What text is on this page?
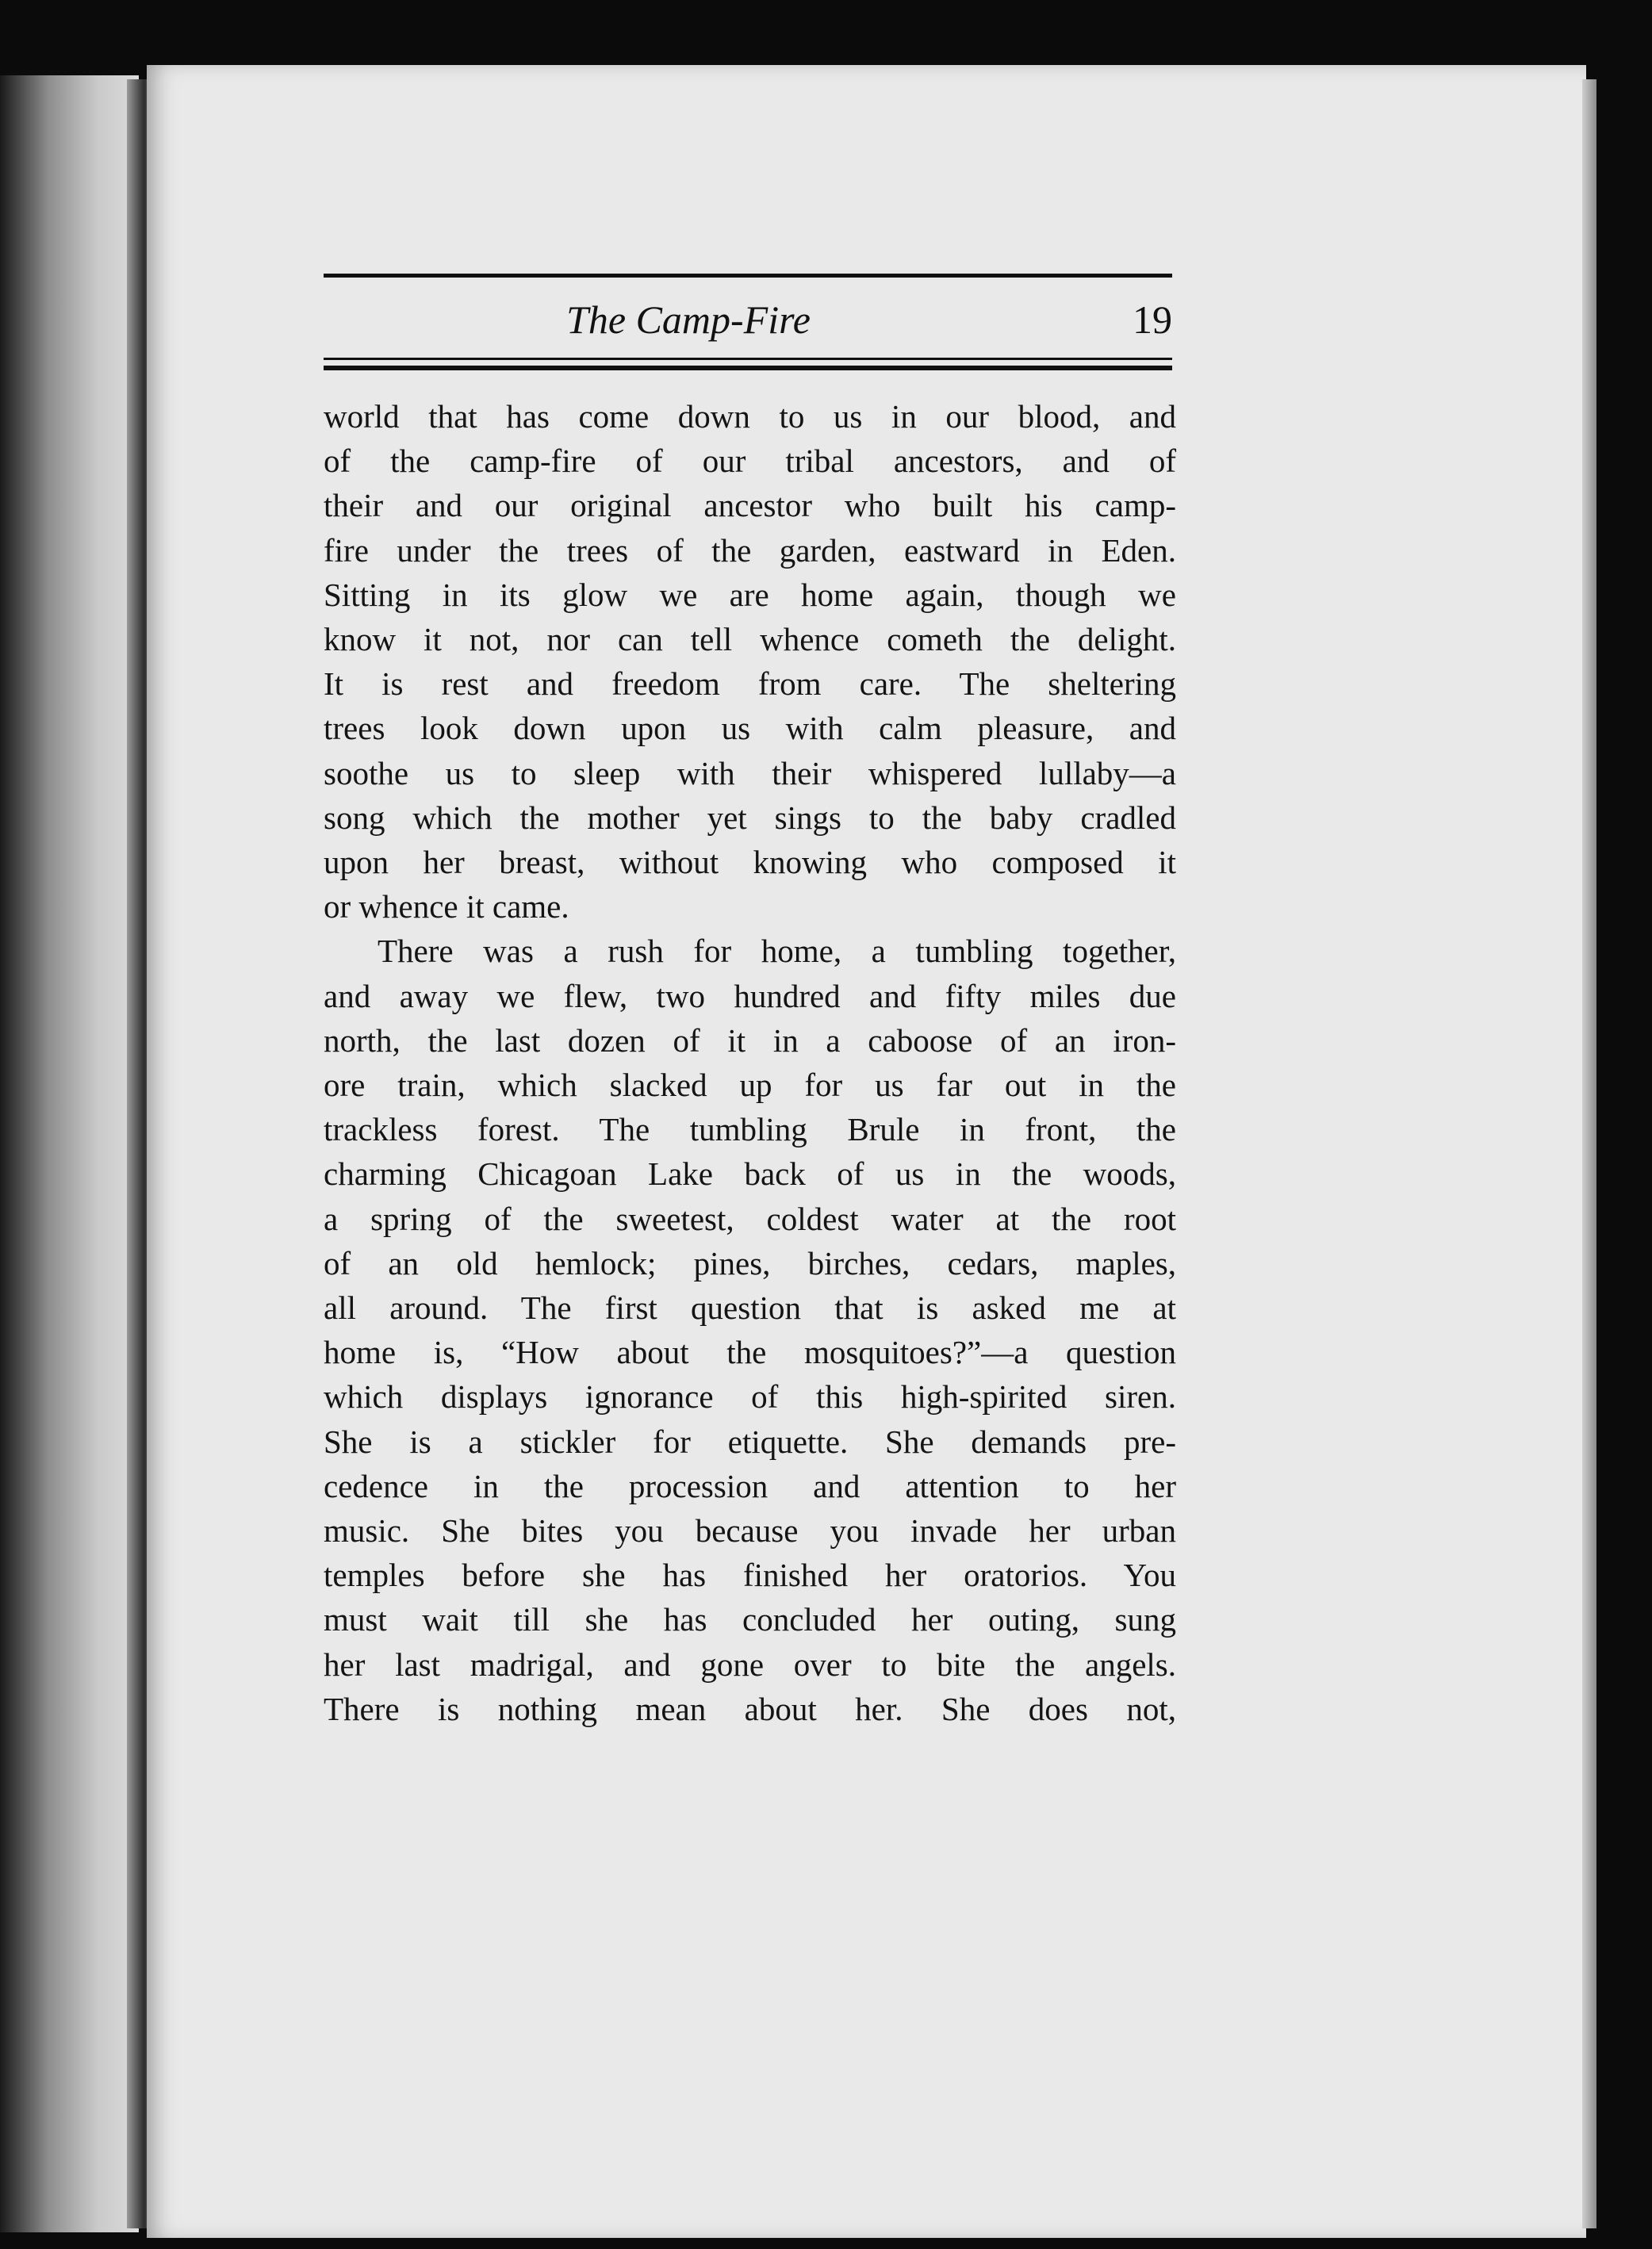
The Camp-Fire	19
world that has come down to us in our blood, and
of the camp-fire of our tribal ancestors, and of
their and our original ancestor who built his camp-
fire under the trees of the garden, eastward in Eden.
Sitting in its glow we are home again, though we
know it not, nor can tell whence cometh the delight.
It is rest and freedom from care. The sheltering
trees look down upon us with calm pleasure, and
soothe us to sleep with their whispered lullaby—a
song which the mother yet sings to the baby cradled
upon her breast, without knowing who composed it
or whence it came.
There was a rush for home, a tumbling together,
and away we flew, two hundred and fifty miles due
north, the last dozen of it in a caboose of an iron-
ore train, which slacked up for us far out in the
trackless forest. The tumbling Brule in front, the
charming Chicagoan Lake back of us in the woods,
a spring of the sweetest, coldest water at the root
of an old hemlock; pines, birches, cedars, maples,
all around. The first question that is asked me at
home is, “How about the mosquitoes?”—a question
which displays ignorance of this high-spirited siren.
She is a stickler for etiquette. She demands pre-
cedence in the procession and attention to her
music. She bites you because you invade her urban
temples before she has finished her oratorios. You
must wait till she has concluded her outing, sung
her last madrigal, and gone over to bite the angels.
There is nothing mean about her. She does not,
